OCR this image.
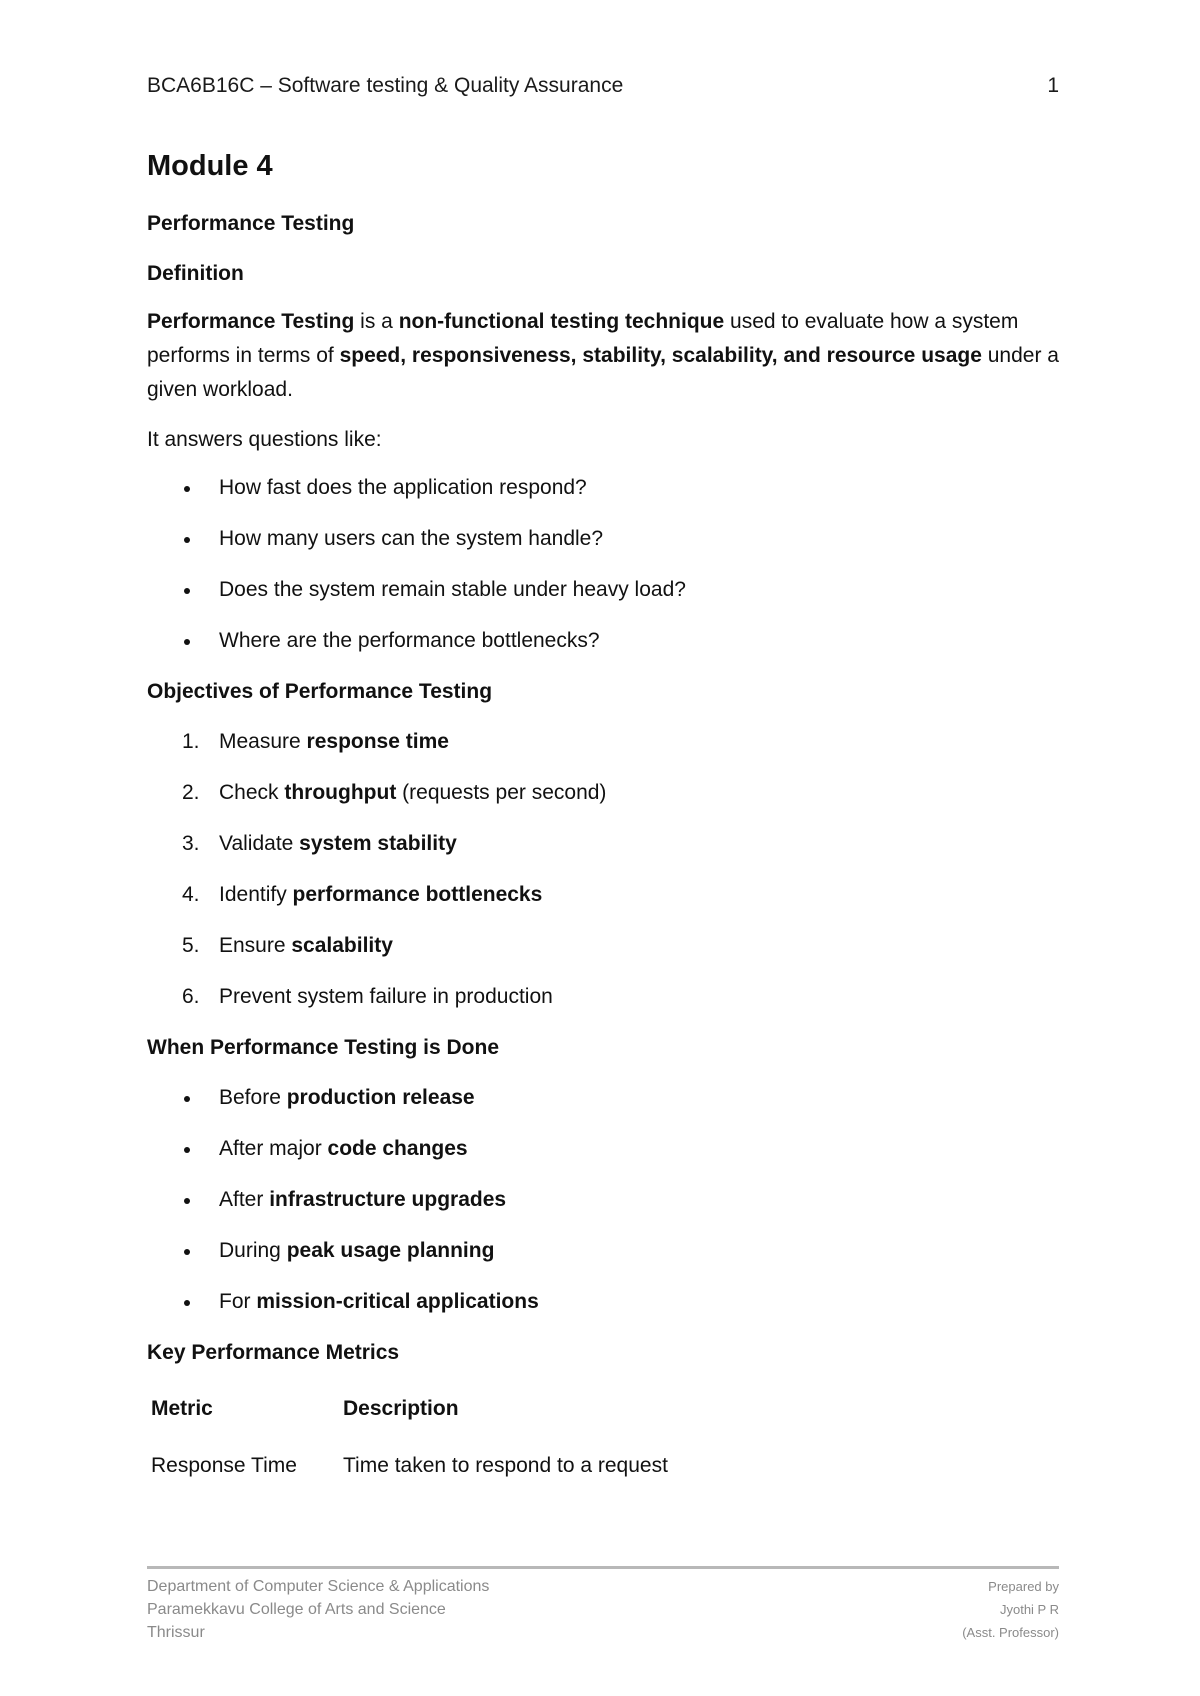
BCA6B16C – Software testing & Quality Assurance	1
Module 4
Performance Testing
Definition

Performance Testing is a non-functional testing technique used to evaluate how a system performs in terms of speed, responsiveness, stability, scalability, and resource usage under a given workload.

It answers questions like:

How fast does the application respond?
How many users can the system handle?
Does the system remain stable under heavy load?
Where are the performance bottlenecks?
Objectives of Performance Testing
1. Measure response time
2. Check throughput (requests per second)
3. Validate system stability
4. Identify performance bottlenecks
5. Ensure scalability
6. Prevent system failure in production
When Performance Testing is Done
Before production release
After major code changes
After infrastructure upgrades
During peak usage planning
For mission-critical applications
Key Performance Metrics
Metric	Description
Response Time	Time taken to respond to a request
Department of Computer Science & Applications
Paramekkavu College of Arts and Science
Thrissur
Prepared by
Jyothi P R
(Asst. Professor)
